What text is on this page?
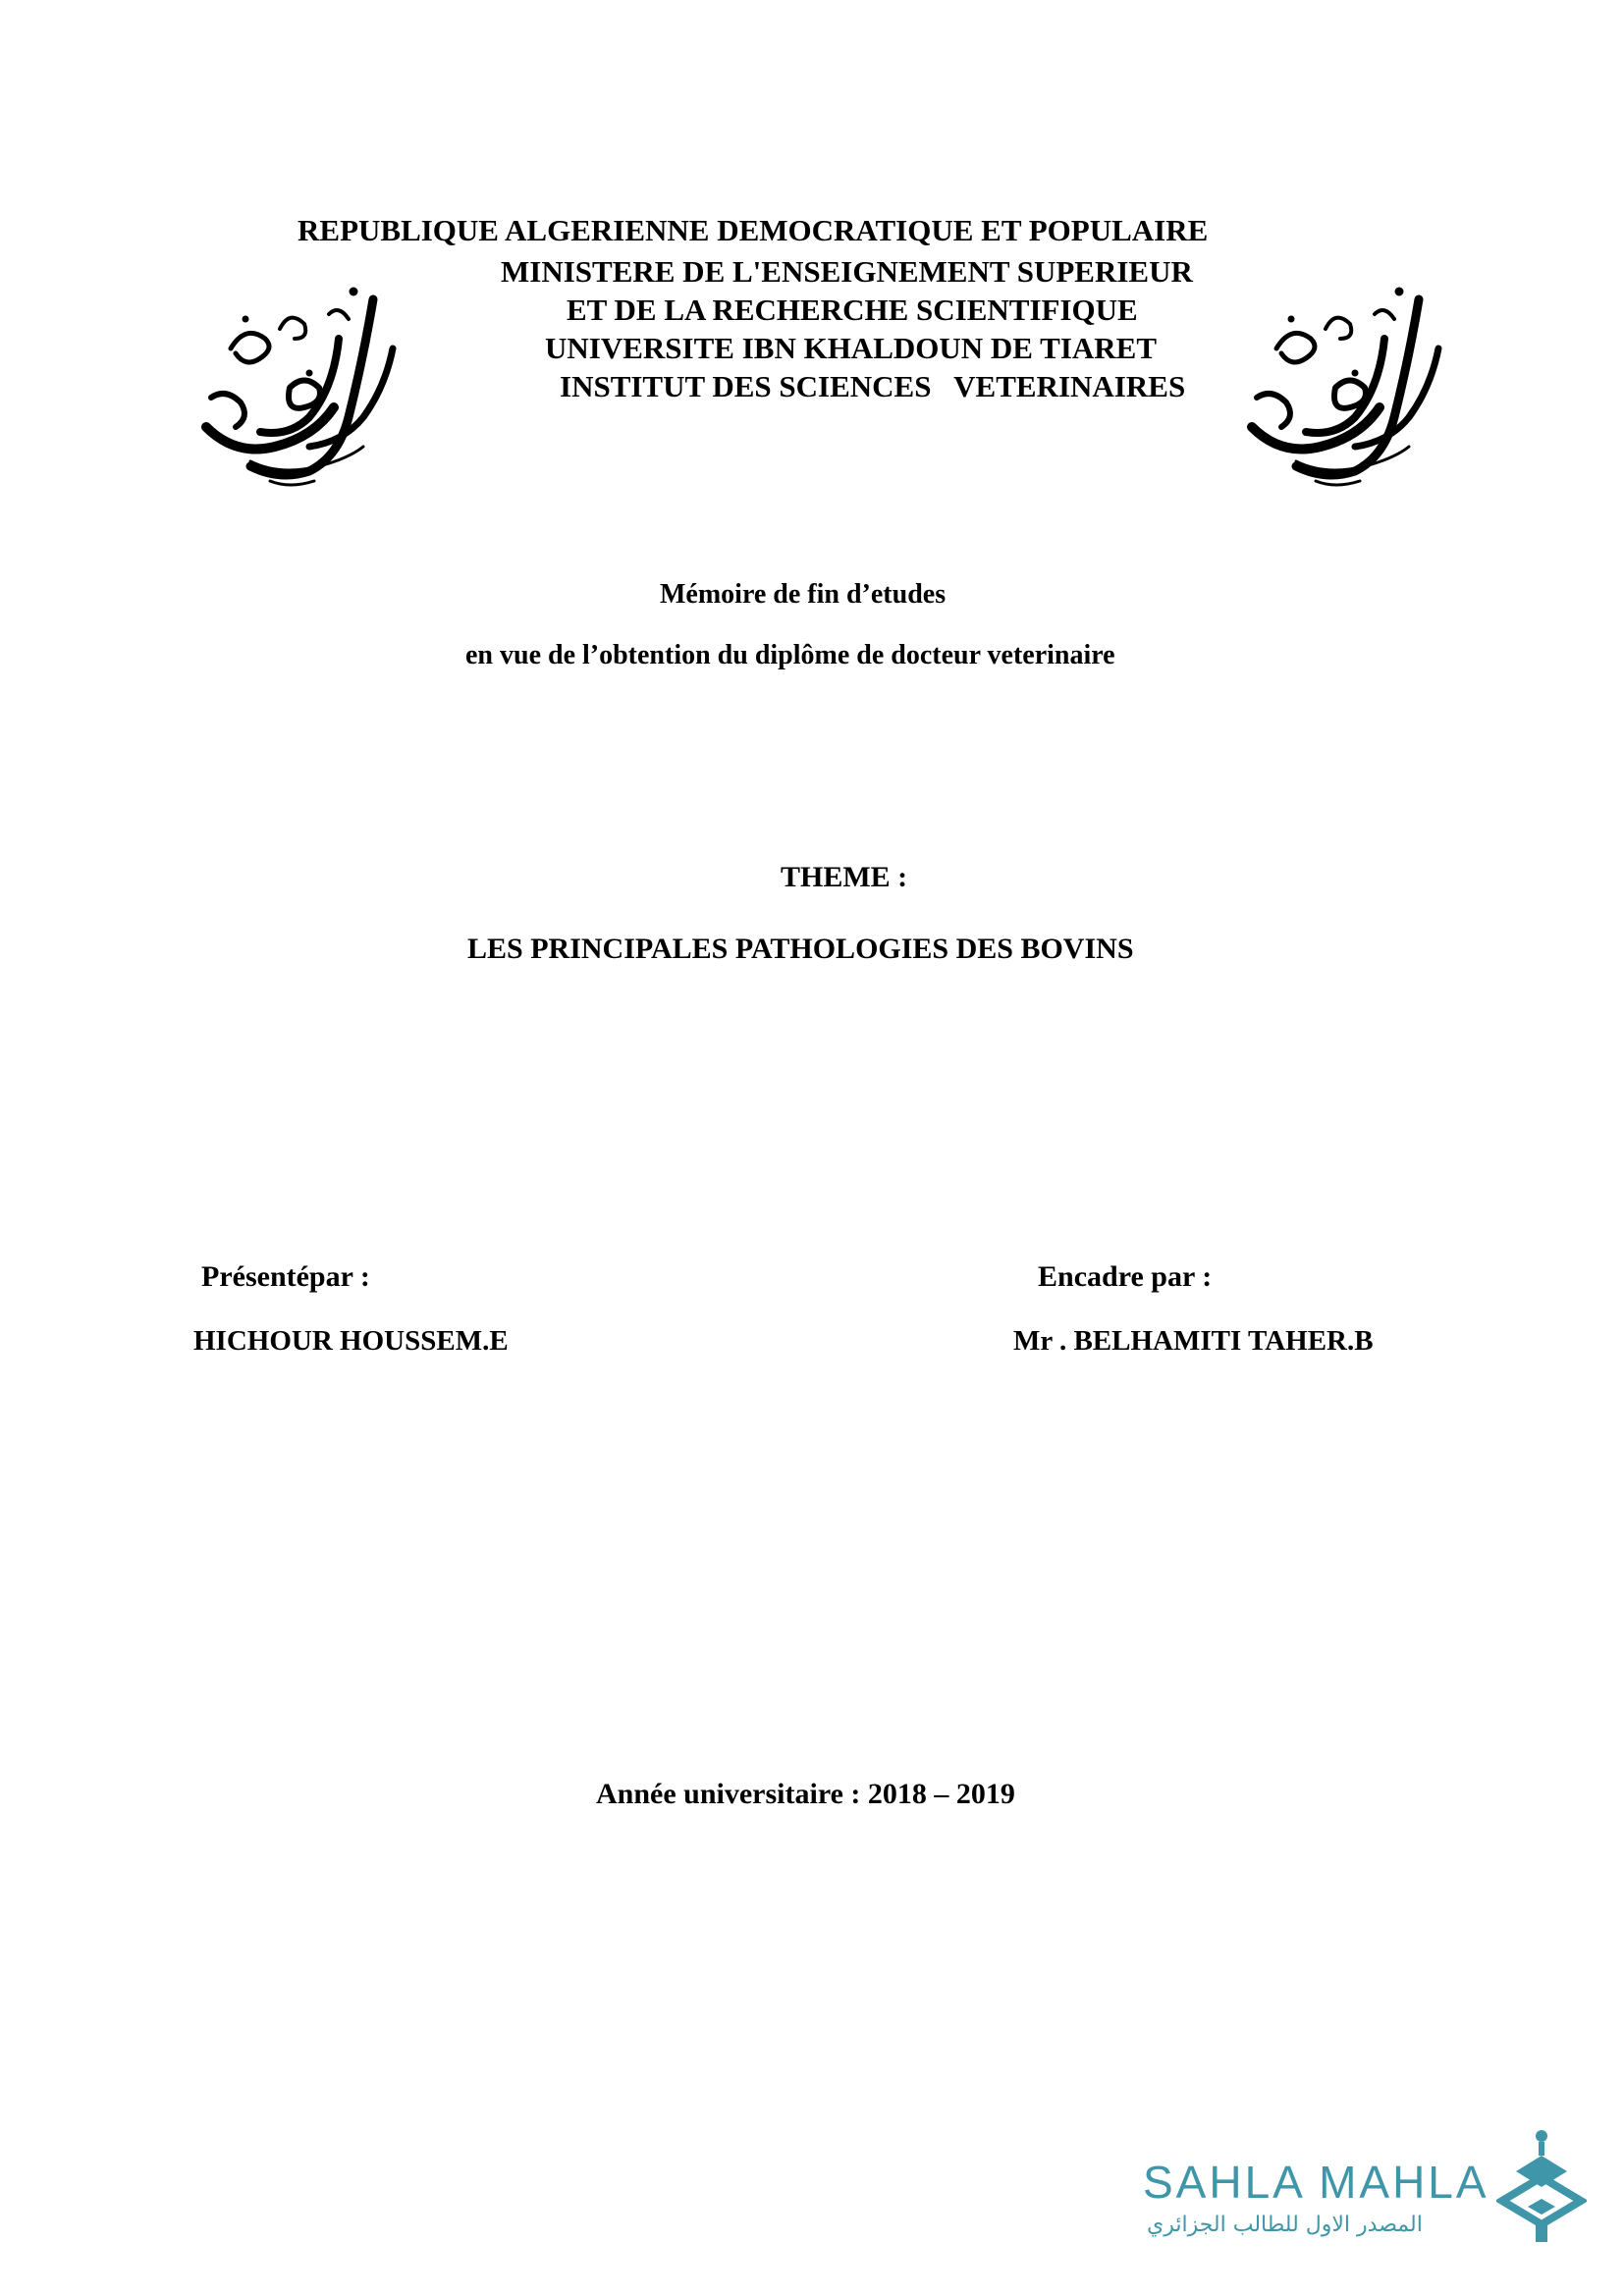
REPUBLIQUE ALGERIENNE DEMOCRATIQUE ET POPULAIRE
MINISTERE DE L'ENSEIGNEMENT SUPERIEUR
ET DE LA RECHERCHE SCIENTIFIQUE
UNIVERSITE IBN KHALDOUN DE TIARET
INSTITUT DES SCIENCES   VETERINAIRES
Mémoire de fin d’etudes
en vue de l’obtention du diplôme de docteur veterinaire
THEME :
LES PRINCIPALES PATHOLOGIES DES BOVINS
Présentépar :
HICHOUR HOUSSEM.E
Encadre par :
Mr . BELHAMITI TAHER.B
Année universitaire : 2018 – 2019
SAHLA MAHLA
المصدر الاول للطالب الجزائري
